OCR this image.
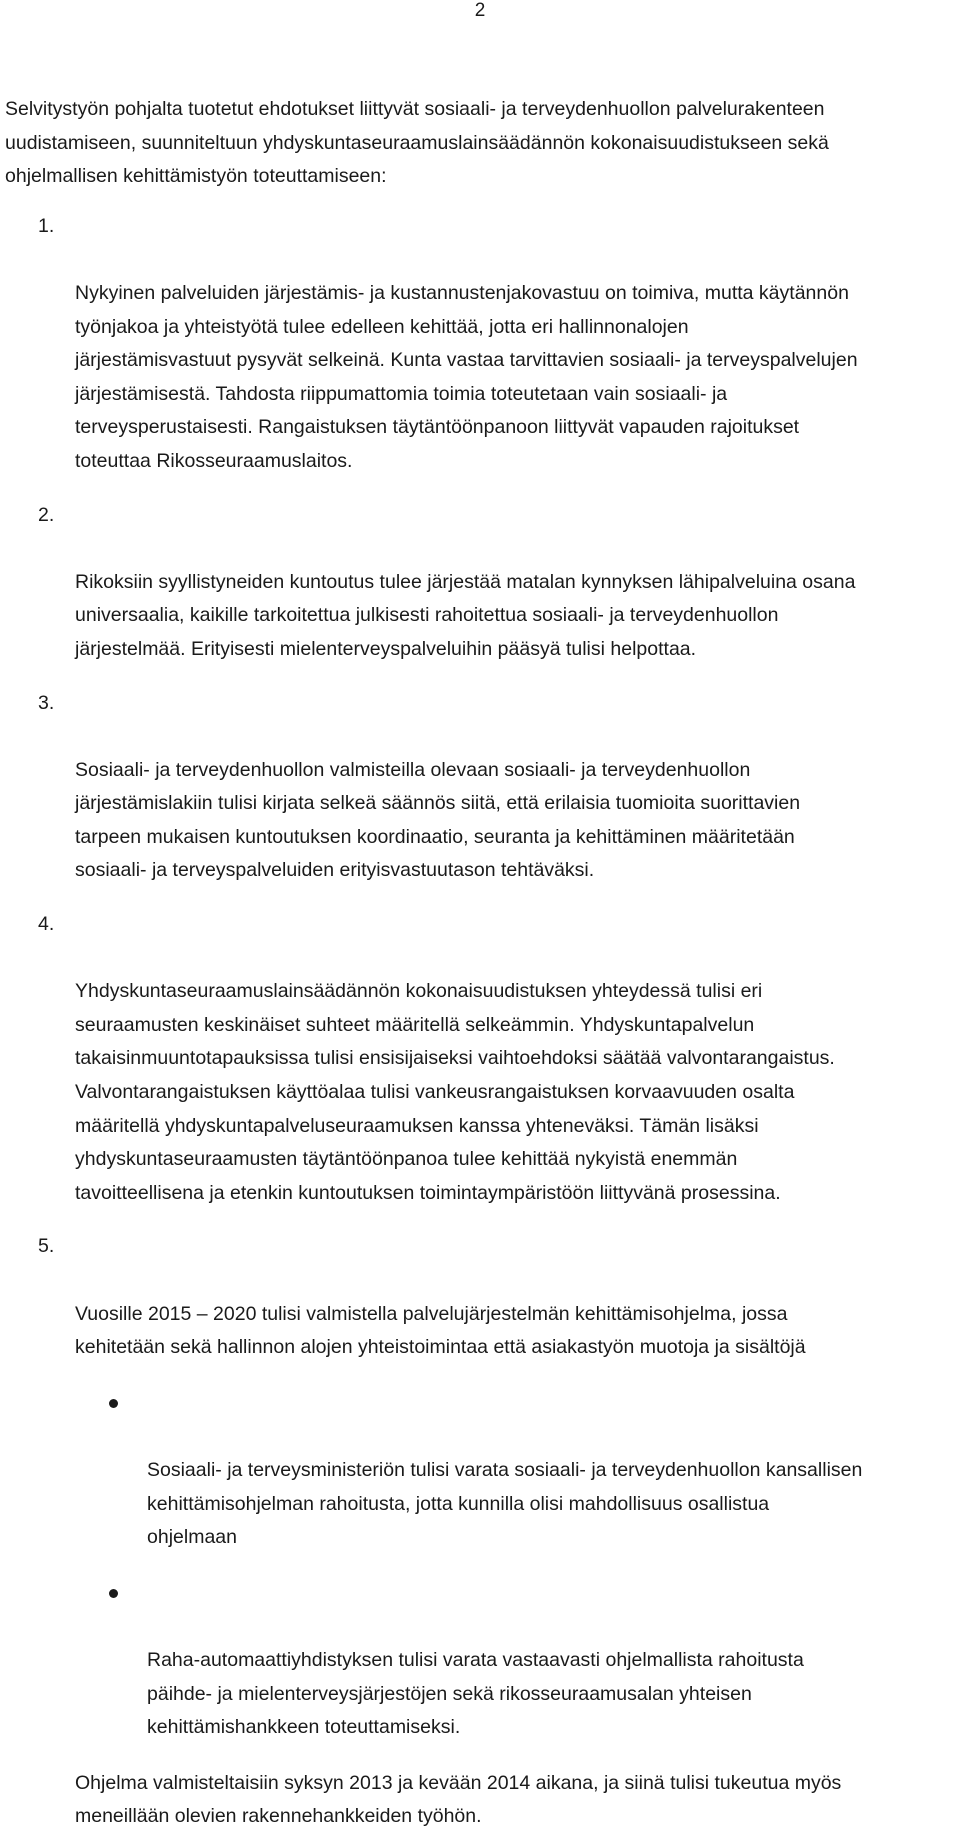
2

Selvitystyön pohjalta tuotetut ehdotukset liittyvät sosiaali- ja terveydenhuollon palvelurakenteen
uudistamiseen, suunniteltuun yhdyskuntaseuraamuslainsäädännön kokonaisuudistukseen sekä
ohjelmallisen kehittämistyön toteuttamiseen:

1.

Nykyinen palveluiden järjestämis- ja kustannustenjakovastuu on toimiva, mutta käytännön
työnjakoa ja yhteistyötä tulee edelleen kehittää, jotta eri hallinnonalojen
järjestämisvastuut pysyvät selkeinä. Kunta vastaa tarvittavien sosiaali- ja terveyspalvelujen
järjestämisestä. Tahdosta riippumattomia toimia toteutetaan vain sosiaali- ja
terveysperustaisesti. Rangaistuksen täytäntöönpanoon liittyvät vapauden rajoitukset
toteuttaa Rikosseuraamuslaitos.

2.

Rikoksiin syyllistyneiden kuntoutus tulee järjestää matalan kynnyksen lähipalveluina osana
universaalia, kaikille tarkoitettua julkisesti rahoitettua sosiaali- ja terveydenhuollon
järjestelmää. Erityisesti mielenterveyspalveluihin pääsyä tulisi helpottaa.

3.

Sosiaali- ja terveydenhuollon valmisteilla olevaan sosiaali- ja terveydenhuollon
järjestämislakiin tulisi kirjata selkeä säännös siitä, että erilaisia tuomioita suorittavien
tarpeen mukaisen kuntoutuksen koordinaatio, seuranta ja kehittäminen määritetään
sosiaali- ja terveyspalveluiden erityisvastuutason tehtäväksi.

4.

Yhdyskuntaseuraamuslainsäädännön kokonaisuudistuksen yhteydessä tulisi eri
seuraamusten keskinäiset suhteet määritellä selkeämmin. Yhdyskuntapalvelun
takaisinmuuntotapauksissa tulisi ensisijaiseksi vaihtoehdoksi säätää valvontarangaistus.
Valvontarangaistuksen käyttöalaa tulisi vankeusrangaistuksen korvaavuuden osalta
määritellä yhdyskuntapalveluseuraamuksen kanssa yhteneväksi. Tämän lisäksi
yhdyskuntaseuraamusten täytäntöönpanoa tulee kehittää nykyistä enemmän
tavoitteellisena ja etenkin kuntoutuksen toimintaympäristöön liittyvänä prosessina.

5.

Vuosille 2015 – 2020 tulisi valmistella palvelujärjestelmän kehittämisohjelma, jossa
kehitetään sekä hallinnon alojen yhteistoimintaa että asiakastyön muotoja ja sisältöjä

Sosiaali- ja terveysministeriön tulisi varata sosiaali- ja terveydenhuollon kansallisen
kehittämisohjelman rahoitusta, jotta kunnilla olisi mahdollisuus osallistua
ohjelmaan

Raha-automaattiyhdistyksen tulisi varata vastaavasti ohjelmallista rahoitusta
päihde- ja mielenterveysjärjestöjen sekä rikosseuraamusalan yhteisen
kehittämishankkeen toteuttamiseksi.

Ohjelma valmisteltaisiin syksyn 2013 ja kevään 2014 aikana, ja siinä tulisi tukeutua myös
meneillään olevien rakennehankkeiden työhön.
